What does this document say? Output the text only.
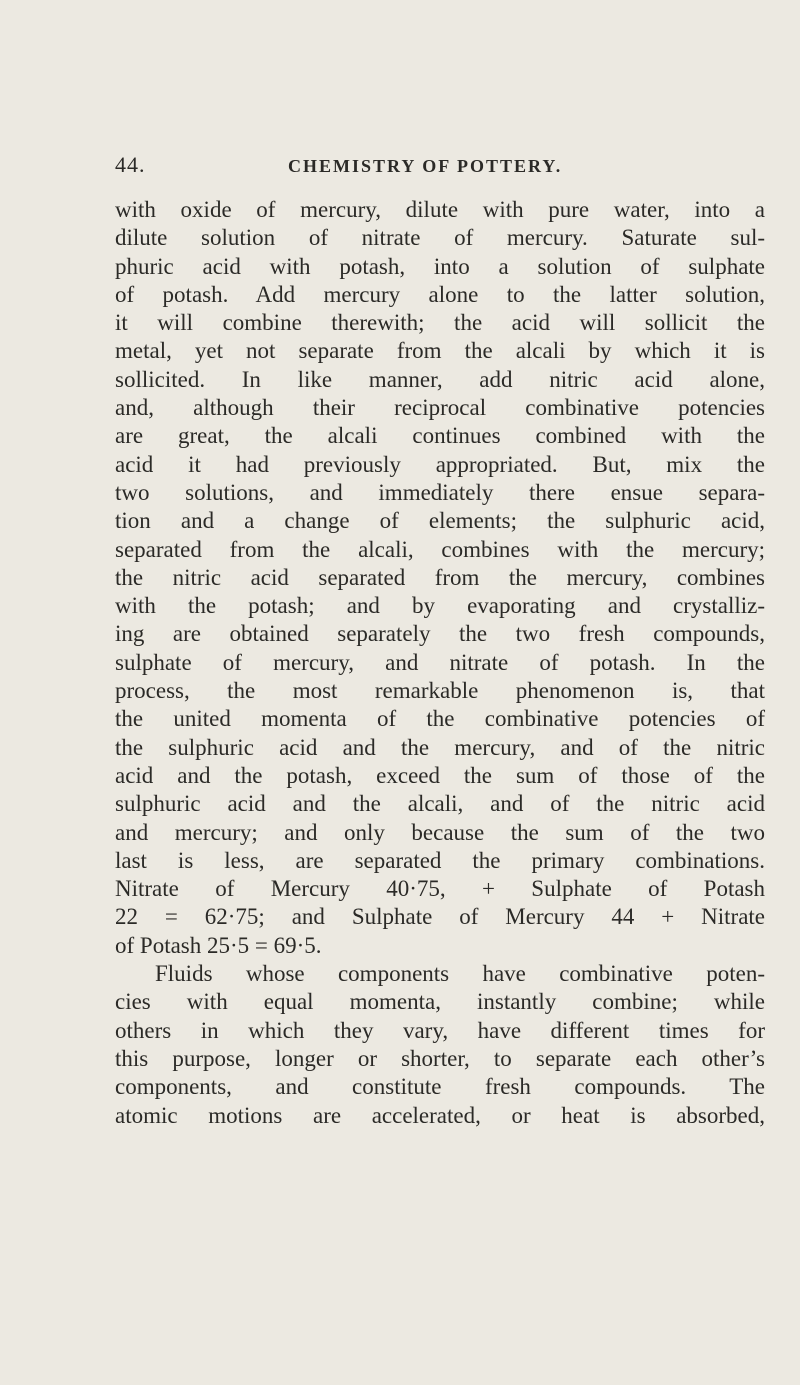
44.	CHEMISTRY OF POTTERY.
with oxide of mercury, dilute with pure water, into a
dilute solution of nitrate of mercury. Saturate sul-
phuric acid with potash, into a solution of sulphate
of potash. Add mercury alone to the latter solution,
it will combine therewith; the acid will sollicit the
metal, yet not separate from the alcali by which it is
sollicited. In like manner, add nitric acid alone,
and, although their reciprocal combinative potencies
are great, the alcali continues combined with the
acid it had previously appropriated. But, mix the
two solutions, and immediately there ensue separa-
tion and a change of elements; the sulphuric acid,
separated from the alcali, combines with the mercury;
the nitric acid separated from the mercury, combines
with the potash; and by evaporating and crystalliz-
ing are obtained separately the two fresh compounds,
sulphate of mercury, and nitrate of potash. In the
process, the most remarkable phenomenon is, that
the united momenta of the combinative potencies of
the sulphuric acid and the mercury, and of the nitric
acid and the potash, exceed the sum of those of the
sulphuric acid and the alcali, and of the nitric acid
and mercury; and only because the sum of the two
last is less, are separated the primary combinations.
Nitrate of Mercury 40·75, + Sulphate of Potash
22 = 62·75; and Sulphate of Mercury 44 + Nitrate
of Potash 25·5 = 69·5.
Fluids whose components have combinative poten-
cies with equal momenta, instantly combine; while
others in which they vary, have different times for
this purpose, longer or shorter, to separate each other’s
components, and constitute fresh compounds. The
atomic motions are accelerated, or heat is absorbed,
